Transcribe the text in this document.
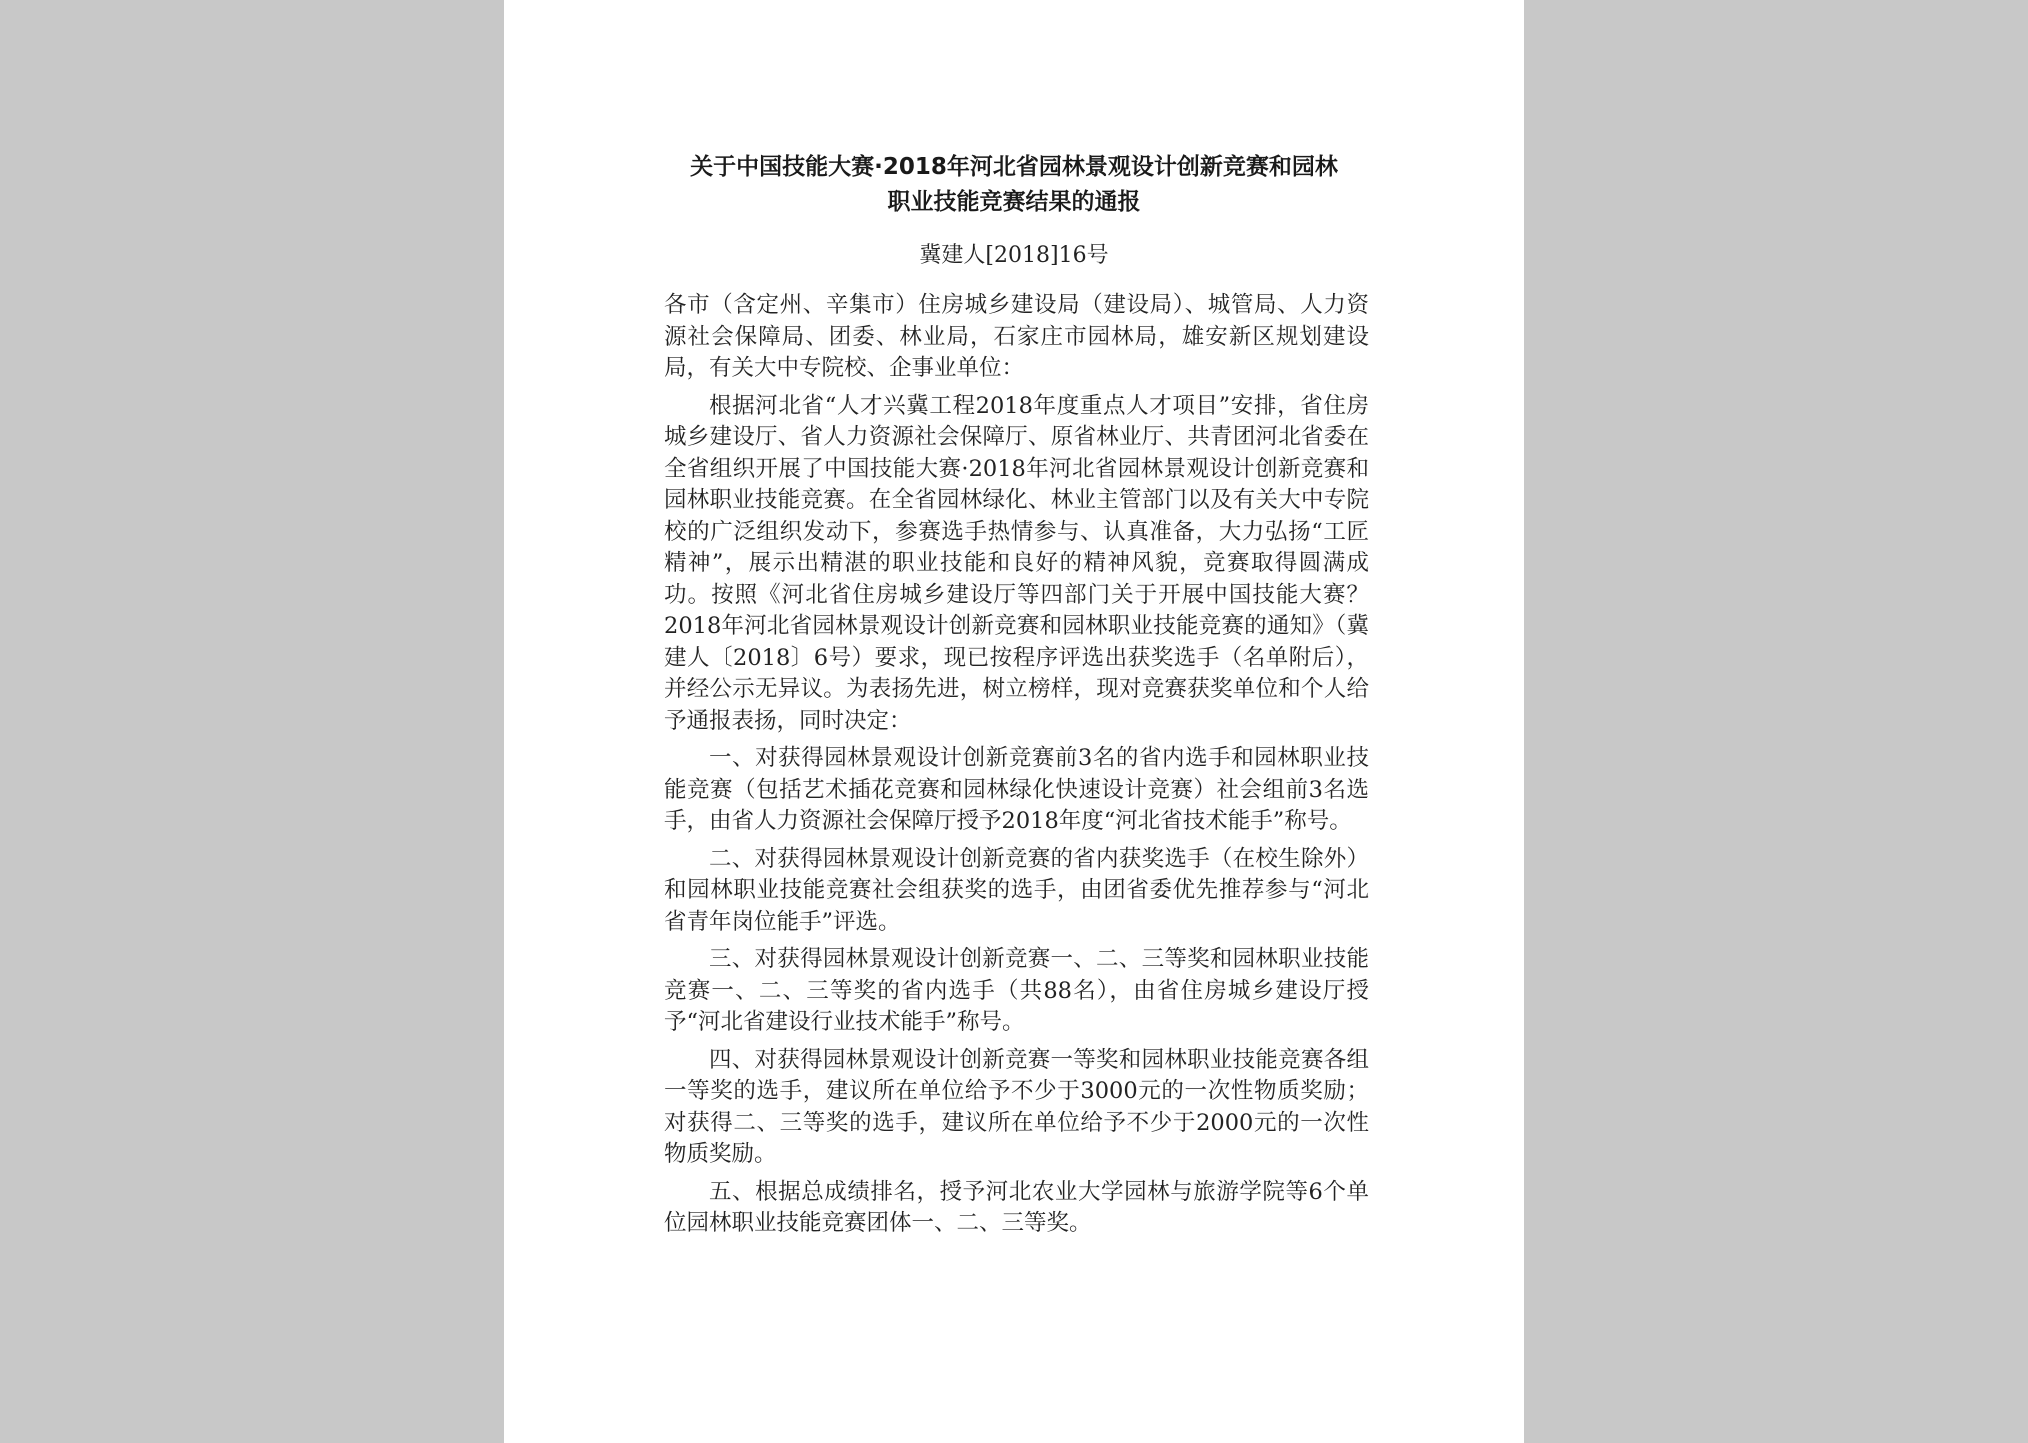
关于中国技能大赛·2018年河北省园林景观设计创新竞赛和园林
职业技能竞赛结果的通报
冀建人[2018]16号

各市（含定州、辛集市）住房城乡建设局（建设局）、城管局、人力资源社会保障局、团委、林业局，石家庄市园林局，雄安新区规划建设局，有关大中专院校、企事业单位：

根据河北省“人才兴冀工程2018年度重点人才项目”安排，省住房城乡建设厅、省人力资源社会保障厅、原省林业厅、共青团河北省委在全省组织开展了中国技能大赛·2018年河北省园林景观设计创新竞赛和园林职业技能竞赛。在全省园林绿化、林业主管部门以及有关大中专院校的广泛组织发动下，参赛选手热情参与、认真准备，大力弘扬“工匠精神”，展示出精湛的职业技能和良好的精神风貌，竞赛取得圆满成功。按照《河北省住房城乡建设厅等四部门关于开展中国技能大赛？2018年河北省园林景观设计创新竞赛和园林职业技能竞赛的通知》（冀建人〔2018〕6号）要求，现已按程序评选出获奖选手（名单附后），并经公示无异议。为表扬先进，树立榜样，现对竞赛获奖单位和个人给予通报表扬，同时决定：

一、对获得园林景观设计创新竞赛前3名的省内选手和园林职业技能竞赛（包括艺术插花竞赛和园林绿化快速设计竞赛）社会组前3名选手，由省人力资源社会保障厅授予2018年度“河北省技术能手”称号。

二、对获得园林景观设计创新竞赛的省内获奖选手（在校生除外）和园林职业技能竞赛社会组获奖的选手，由团省委优先推荐参与“河北省青年岗位能手”评选。

三、对获得园林景观设计创新竞赛一、二、三等奖和园林职业技能竞赛一、二、三等奖的省内选手（共88名），由省住房城乡建设厅授予“河北省建设行业技术能手”称号。

四、对获得园林景观设计创新竞赛一等奖和园林职业技能竞赛各组一等奖的选手，建议所在单位给予不少于3000元的一次性物质奖励；对获得二、三等奖的选手，建议所在单位给予不少于2000元的一次性物质奖励。

五、根据总成绩排名，授予河北农业大学园林与旅游学院等6个单位园林职业技能竞赛团体一、二、三等奖。
